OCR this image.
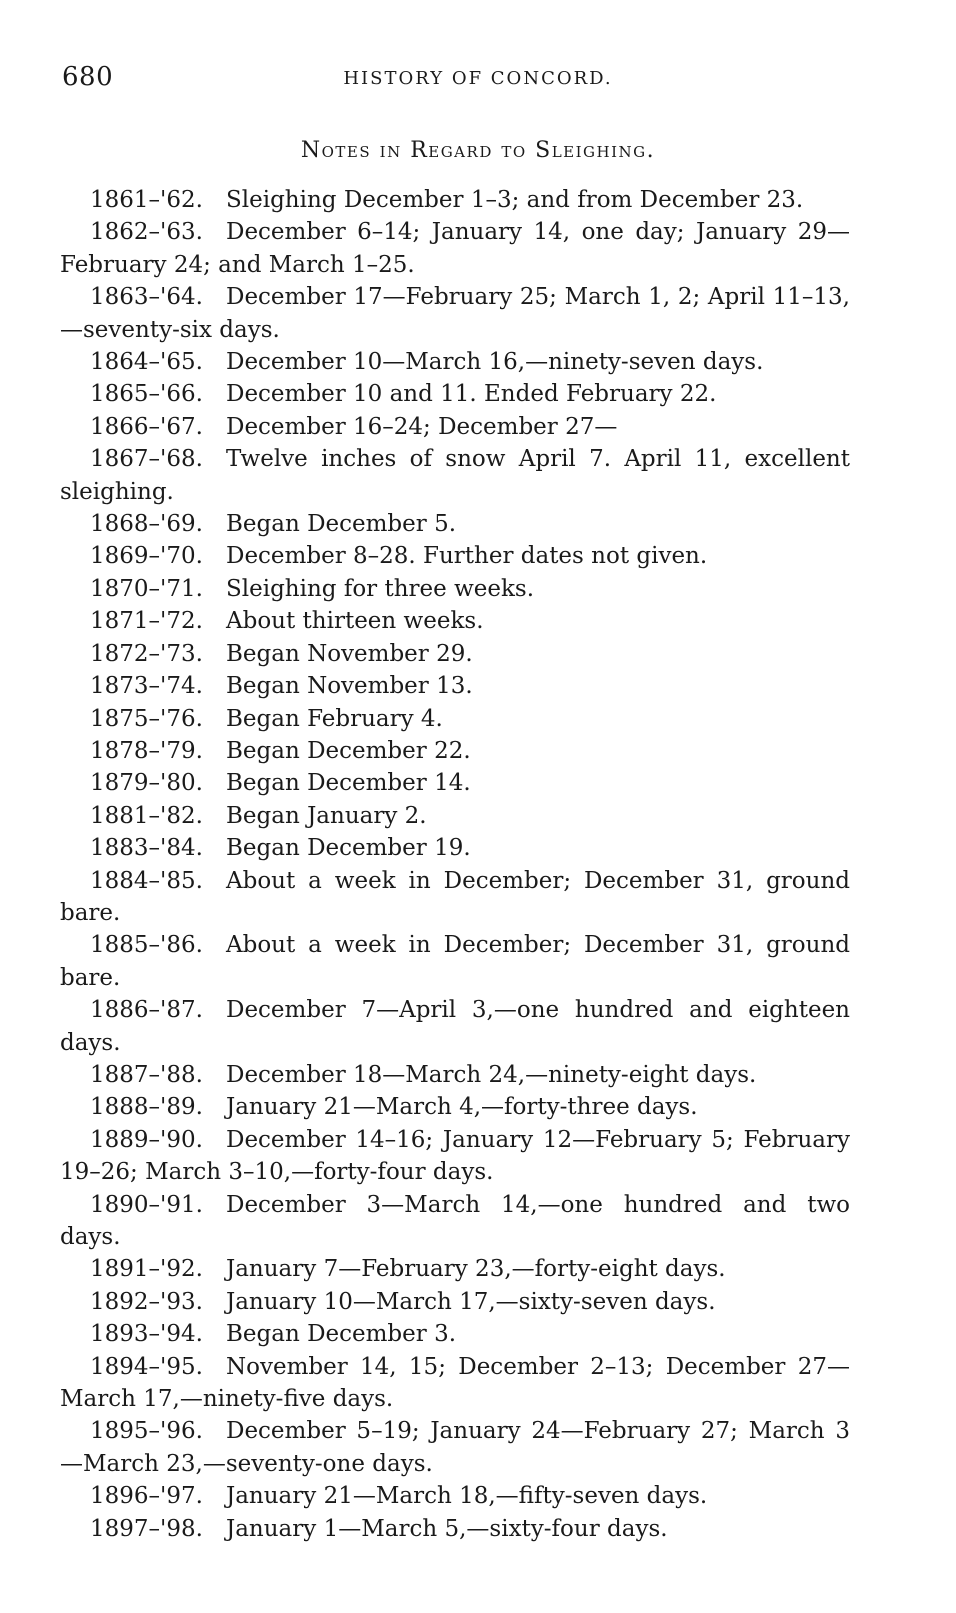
680	HISTORY OF CONCORD.
Notes in Regard to Sleighing.

1861–'62. Sleighing December 1–3; and from December 23.

1862–'63. December 6–14; January 14, one day; January 29—February 24; and March 1–25.

1863–'64. December 17—February 25; March 1, 2; April 11–13,—seventy-six days.

1864–'65. December 10—March 16,—ninety-seven days.

1865–'66. December 10 and 11. Ended February 22.

1866–'67. December 16–24; December 27—

1867–'68. Twelve inches of snow April 7. April 11, excellent sleighing.

1868–'69. Began December 5.

1869–'70. December 8–28. Further dates not given.

1870–'71. Sleighing for three weeks.

1871–'72. About thirteen weeks.

1872–'73. Began November 29.

1873–'74. Began November 13.

1875–'76. Began February 4.

1878–'79. Began December 22.

1879–'80. Began December 14.

1881–'82. Began January 2.

1883–'84. Began December 19.

1884–'85. About a week in December; December 31, ground bare.

1885–'86. About a week in December; December 31, ground bare.

1886–'87. December 7—April 3,—one hundred and eighteen days.

1887–'88. December 18—March 24,—ninety-eight days.

1888–'89. January 21—March 4,—forty-three days.

1889–'90. December 14–16; January 12—February 5; February 19–26; March 3–10,—forty-four days.

1890–'91. December 3—March 14,—one hundred and two days.

1891–'92. January 7—February 23,—forty-eight days.

1892–'93. January 10—March 17,—sixty-seven days.

1893–'94. Began December 3.

1894–'95. November 14, 15; December 2–13; December 27—March 17,—ninety-five days.

1895–'96. December 5–19; January 24—February 27; March 3—March 23,—seventy-one days.

1896–'97. January 21—March 18,—fifty-seven days.

1897–'98. January 1—March 5,—sixty-four days.
